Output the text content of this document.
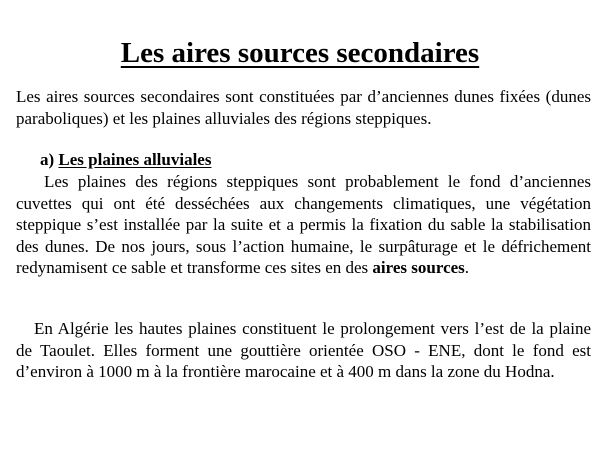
Les aires sources secondaires

Les aires sources secondaires sont constituées par d’anciennes dunes fixées (dunes paraboliques) et les plaines alluviales des régions steppiques.

a) Les plaines alluviales

Les plaines des régions steppiques sont probablement le fond d’anciennes cuvettes qui ont été desséchées aux changements climatiques, une végétation steppique s’est installée par la suite et a permis la fixation du sable la stabilisation des dunes. De nos jours, sous l’action humaine, le surpâturage et le défrichement redynamisent ce sable et transforme ces sites en des aires sources.

En Algérie les hautes plaines constituent le prolongement vers l’est de la plaine de Taoulet. Elles forment une gouttière orientée OSO - ENE, dont le fond est d’environ à 1000 m à la frontière marocaine et à 400 m dans la zone du Hodna.
